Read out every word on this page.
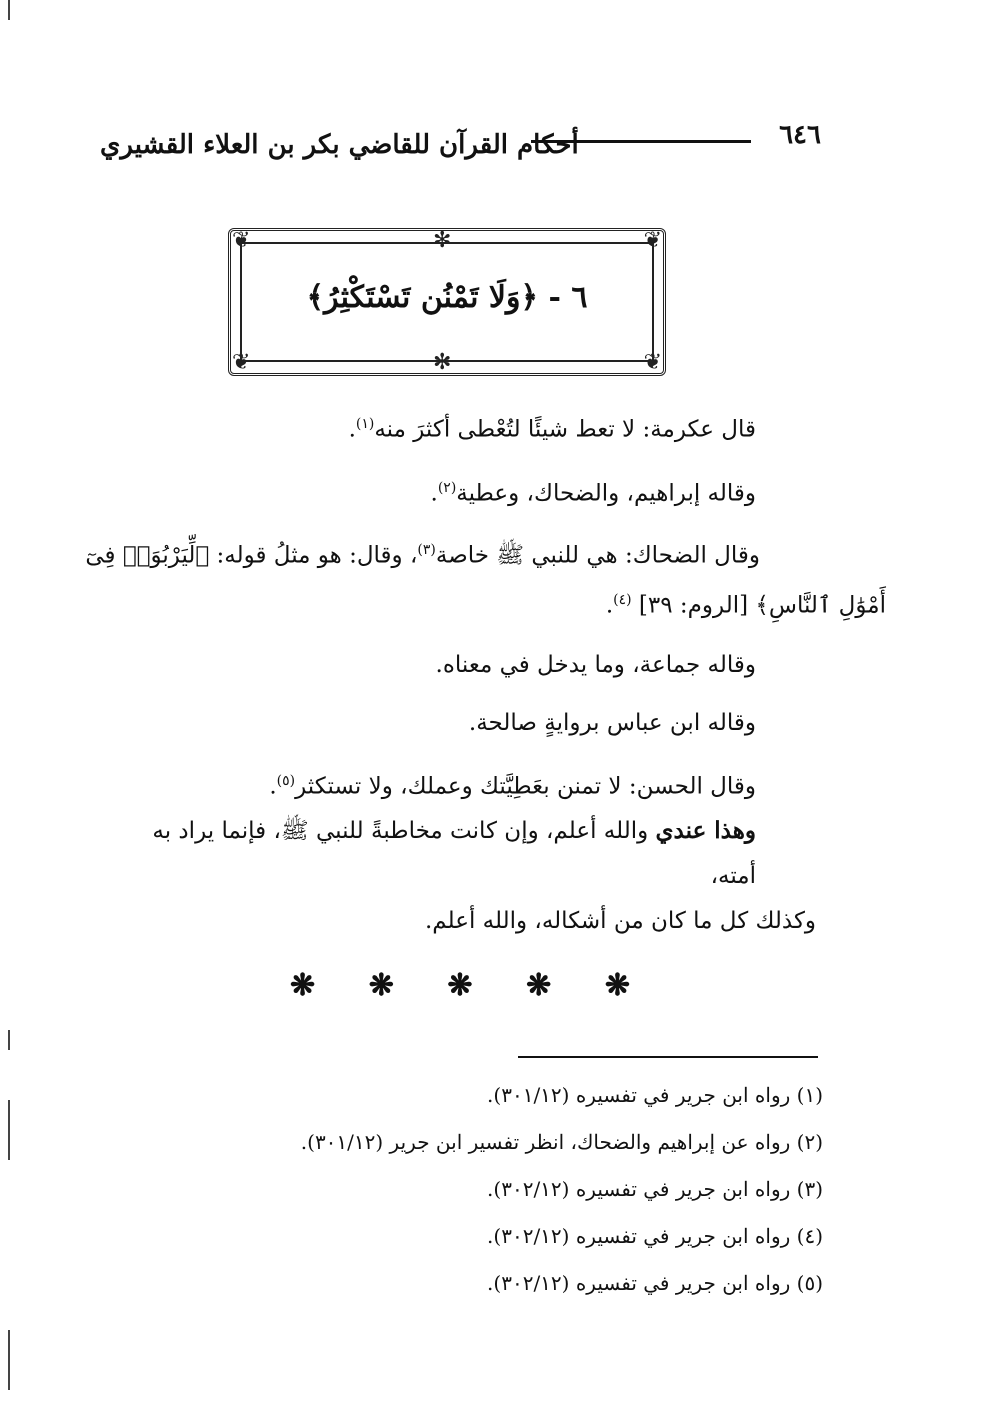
٦٤٦
أحكام القرآن للقاضي بكر بن العلاء القشيري
❦	❦
❦	❦
✻
✻
٦ - ﴿وَلَا تَمْنُن تَسْتَكْثِرُ﴾

قال عكرمة: لا تعط شيئًا لتُعْطى أكثرَ منه$^{(١)}$.

وقاله إبراهيم، والضحاك، وعطية$^{(٢)}$.

وقال الضحاك: هي للنبي ﷺ خاصة$^{(٣)}$، وقال: هو مثلُ قوله: ﴿لِّيَرْبُوَا۟ فِىٓ

أَمْوَٰلِ ٱلنَّاسِ﴾ [الروم: ٣٩] $^{(٤)}$.

وقاله جماعة، وما يدخل في معناه.

وقاله ابن عباس بروايةٍ صالحة.

وقال الحسن: لا تمنن بعَطِيَّتك وعملك، ولا تستكثر$^{(٥)}$.

وهذا عندي والله أعلم، وإن كانت مخاطبةً للنبي ﷺ، فإنما يراد به أمته،
وكذلك كل ما كان من أشكاله، والله أعلم.
❋ ❋ ❋ ❋ ❋
(١) رواه ابن جرير في تفسيره (٣٠١/١٢).
(٢) رواه عن إبراهيم والضحاك، انظر تفسير ابن جرير (٣٠١/١٢).
(٣) رواه ابن جرير في تفسيره (٣٠٢/١٢).
(٤) رواه ابن جرير في تفسيره (٣٠٢/١٢).
(٥) رواه ابن جرير في تفسيره (٣٠٢/١٢).
